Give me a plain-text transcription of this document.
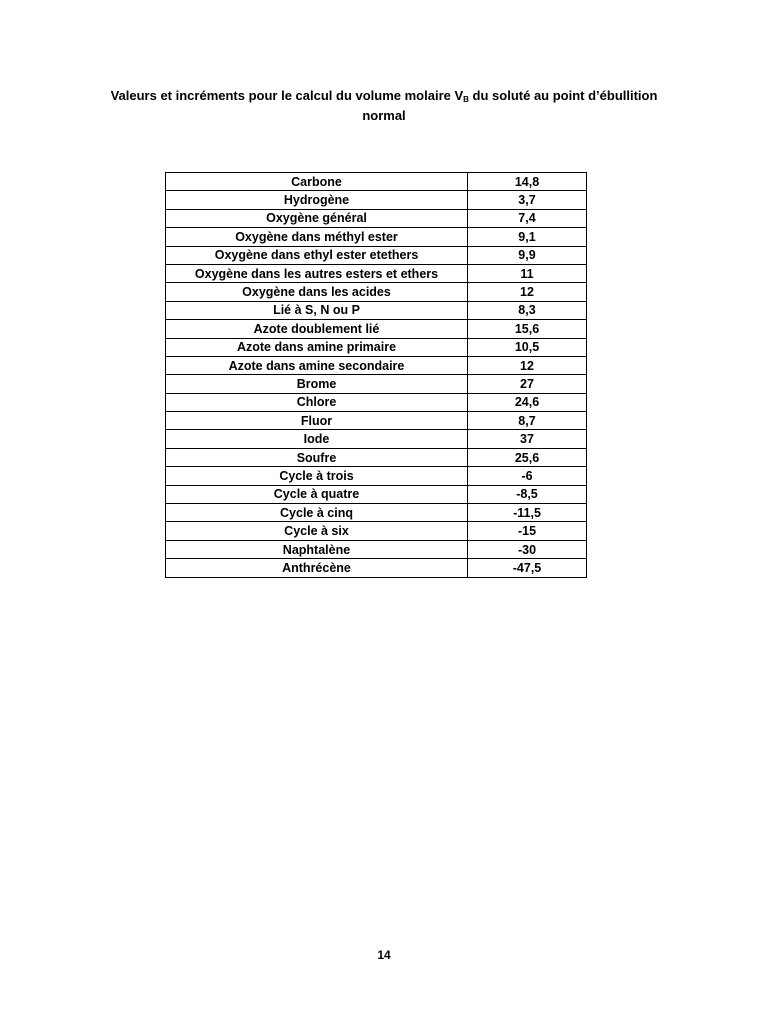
Valeurs et incréments pour le calcul du volume molaire $V_B$ du soluté au point d’ébullition normal
Carbone	14,8
Hydrogène	3,7
Oxygène général	7,4
Oxygène dans méthyl ester	9,1
Oxygène dans ethyl ester etethers	9,9
Oxygène dans les autres esters et ethers	11
Oxygène dans les acides	12
Lié à S, N ou P	8,3
Azote doublement lié	15,6
Azote dans amine primaire	10,5
Azote dans amine secondaire	12
Brome	27
Chlore	24,6
Fluor	8,7
Iode	37
Soufre	25,6
Cycle à trois	-6
Cycle à quatre	-8,5
Cycle à cinq	-11,5
Cycle à six	-15
Naphtalène	-30
Anthrécène	-47,5
14
